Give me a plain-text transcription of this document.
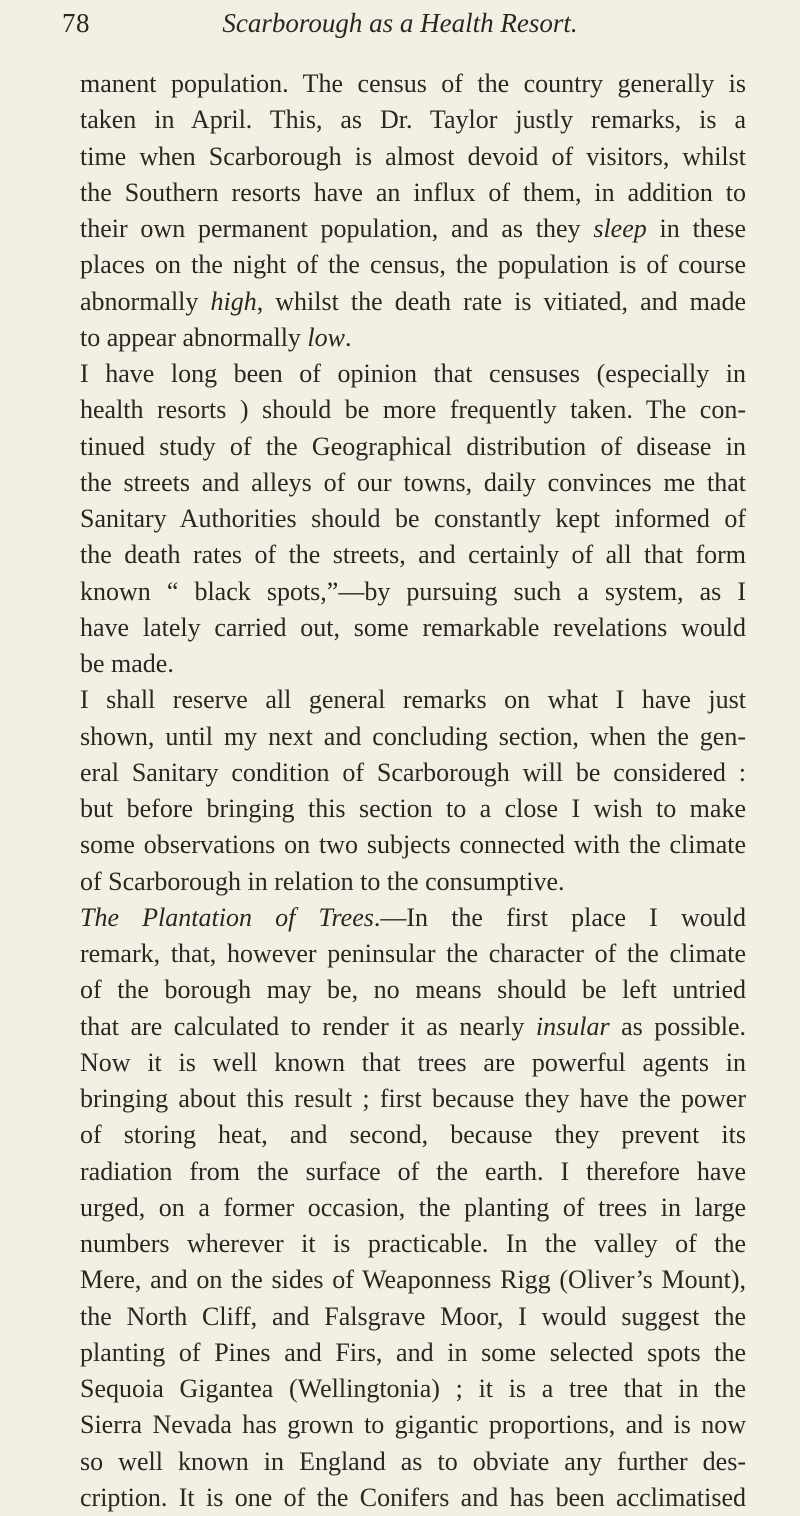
78	Scarborough as a Health Resort.
manent population. The census of the country generally is
taken in April. This, as Dr. Taylor justly remarks, is a
time when Scarborough is almost devoid of visitors, whilst
the Southern resorts have an influx of them, in addition to
their own permanent population, and as they sleep in these
places on the night of the census, the population is of course
abnormally high, whilst the death rate is vitiated, and made
to appear abnormally low.
I have long been of opinion that censuses (especially in
health resorts ) should be more frequently taken. The con-
tinued study of the Geographical distribution of disease in
the streets and alleys of our towns, daily convinces me that
Sanitary Authorities should be constantly kept informed of
the death rates of the streets, and certainly of all that form
known “ black spots,”—by pursuing such a system, as I
have lately carried out, some remarkable revelations would
be made.
I shall reserve all general remarks on what I have just
shown, until my next and concluding section, when the gen-
eral Sanitary condition of Scarborough will be considered :
but before bringing this section to a close I wish to make
some observations on two subjects connected with the climate
of Scarborough in relation to the consumptive.
The Plantation of Trees.—In the first place I would
remark, that, however peninsular the character of the climate
of the borough may be, no means should be left untried
that are calculated to render it as nearly insular as possible.
Now it is well known that trees are powerful agents in
bringing about this result ; first because they have the power
of storing heat, and second, because they prevent its
radiation from the surface of the earth. I therefore have
urged, on a former occasion, the planting of trees in large
numbers wherever it is practicable. In the valley of the
Mere, and on the sides of Weaponness Rigg (Oliver’s Mount),
the North Cliff, and Falsgrave Moor, I would suggest the
planting of Pines and Firs, and in some selected spots the
Sequoia Gigantea (Wellingtonia) ; it is a tree that in the
Sierra Nevada has grown to gigantic proportions, and is now
so well known in England as to obviate any further des-
cription. It is one of the Conifers and has been acclimatised
